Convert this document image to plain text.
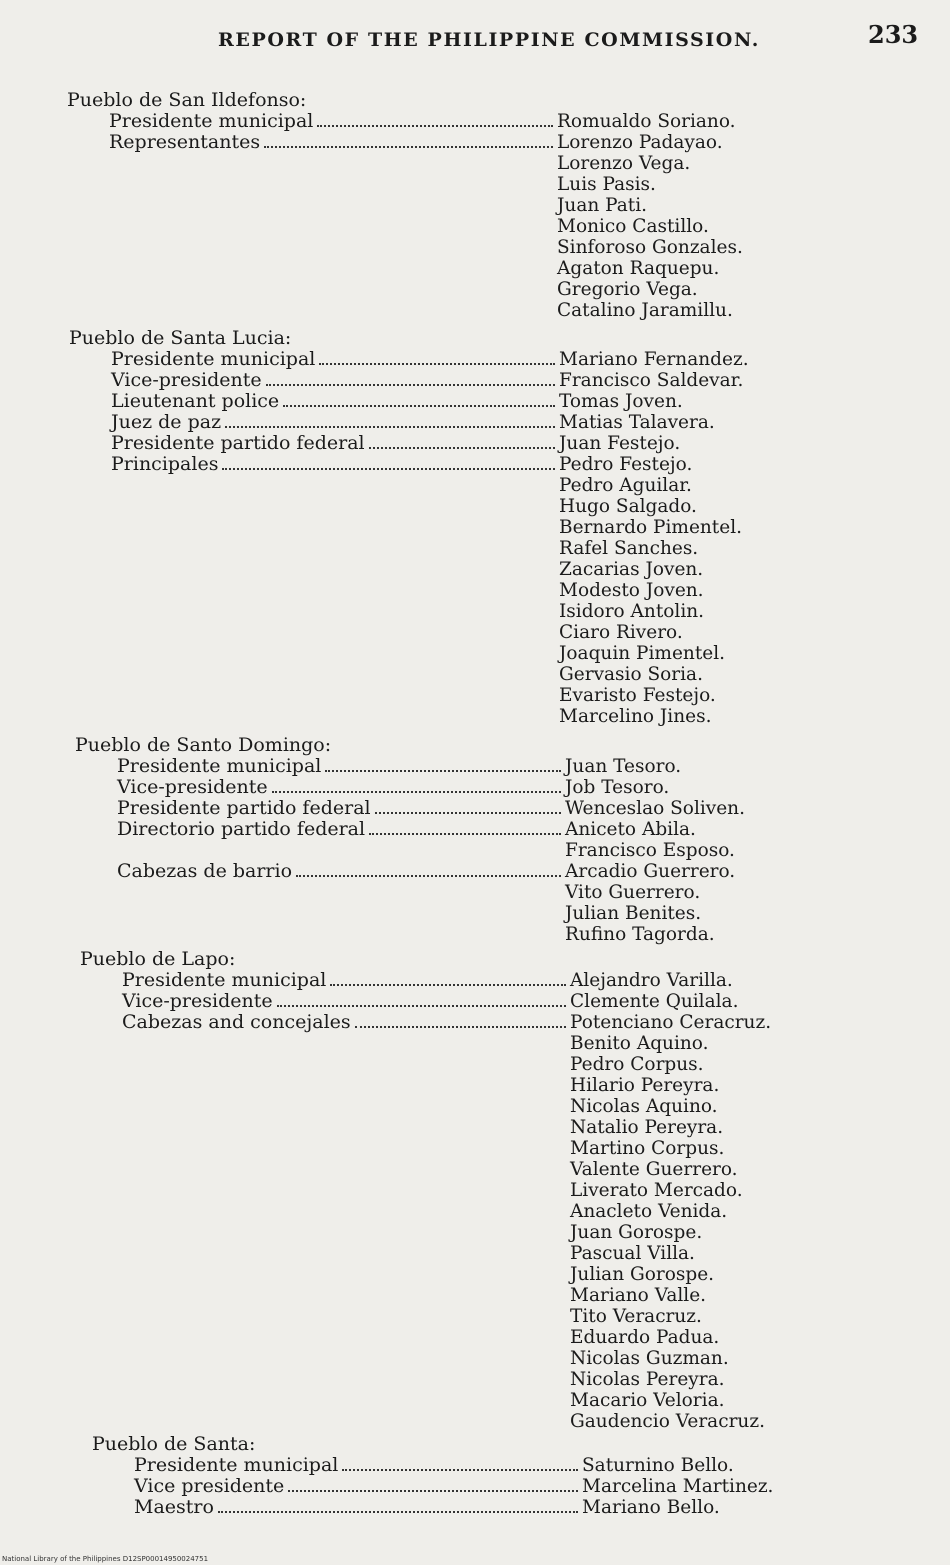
REPORT OF THE PHILIPPINE COMMISSION.	233
Pueblo de San Ildefonso:
Presidente municipal	Romualdo Soriano.
Representantes	Lorenzo Padayao.
Lorenzo Vega.
Luis Pasis.
Juan Pati.
Monico Castillo.
Sinforoso Gonzales.
Agaton Raquepu.
Gregorio Vega.
Catalino Jaramillu.
Pueblo de Santa Lucia:
Presidente municipal	Mariano Fernandez.
Vice-presidente	Francisco Saldevar.
Lieutenant police	Tomas Joven.
Juez de paz	Matias Talavera.
Presidente partido federal	Juan Festejo.
Principales	Pedro Festejo.
Pedro Aguilar.
Hugo Salgado.
Bernardo Pimentel.
Rafel Sanches.
Zacarias Joven.
Modesto Joven.
Isidoro Antolin.
Ciaro Rivero.
Joaquin Pimentel.
Gervasio Soria.
Evaristo Festejo.
Marcelino Jines.
Pueblo de Santo Domingo:
Presidente municipal	Juan Tesoro.
Vice-presidente	Job Tesoro.
Presidente partido federal	Wenceslao Soliven.
Directorio partido federal	Aniceto Abila.
Francisco Esposo.
Cabezas de barrio	Arcadio Guerrero.
Vito Guerrero.
Julian Benites.
Rufino Tagorda.
Pueblo de Lapo:
Presidente municipal	Alejandro Varilla.
Vice-presidente	Clemente Quilala.
Cabezas and concejales	Potenciano Ceracruz.
Benito Aquino.
Pedro Corpus.
Hilario Pereyra.
Nicolas Aquino.
Natalio Pereyra.
Martino Corpus.
Valente Guerrero.
Liverato Mercado.
Anacleto Venida.
Juan Gorospe.
Pascual Villa.
Julian Gorospe.
Mariano Valle.
Tito Veracruz.
Eduardo Padua.
Nicolas Guzman.
Nicolas Pereyra.
Macario Veloria.
Gaudencio Veracruz.
Pueblo de Santa:
Presidente municipal	Saturnino Bello.
Vice presidente	Marcelina Martinez.
Maestro	Mariano Bello.
National Library of the Philippines D12SP00014950024751
